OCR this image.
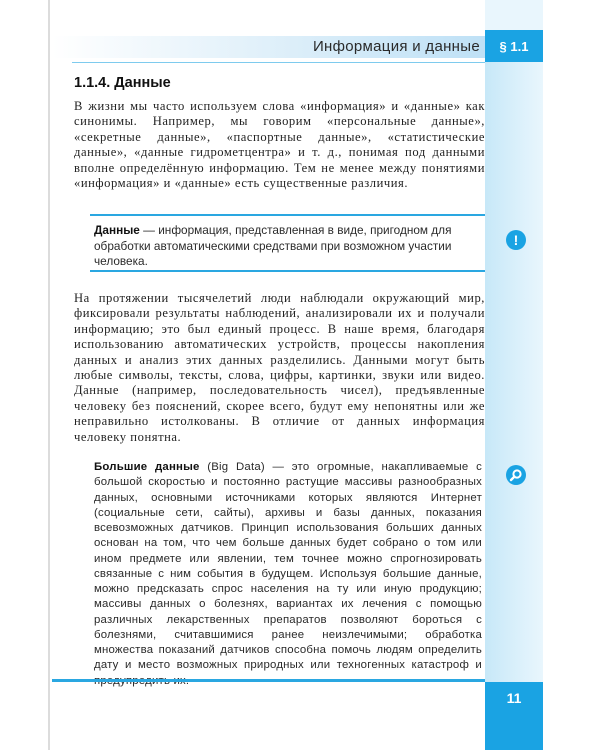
Информация и данные	§ 1.1
1.1.4. Данные
В жизни мы часто используем слова «информация» и «данные» как синонимы. Например, мы говорим «персональные данные», «секретные данные», «паспортные данные», «статистические данные», «данные гидрометцентра» и т. д., понимая под данными вполне определённую информацию. Тем не менее между понятиями «информация» и «данные» есть существенные различия.
Данные — информация, представленная в виде, пригодном для обработки автоматическими средствами при возможном участии человека.
!
На протяжении тысячелетий люди наблюдали окружающий мир, фиксировали результаты наблюдений, анализировали их и получали информацию; это был единый процесс. В наше время, благодаря использованию автоматических устройств, процессы накопления данных и анализ этих данных разделились. Данными могут быть любые символы, тексты, слова, цифры, картинки, звуки или видео. Данные (например, последовательность чисел), предъявленные человеку без пояснений, скорее всего, будут ему непонятны или же неправильно истолкованы. В отличие от данных информация человеку понятна.
Большие данные (Big Data) — это огромные, накапливаемые с большой скоростью и постоянно растущие массивы разнообразных данных, основными источниками которых являются Интернет (социальные сети, сайты), архивы и базы данных, показания всевозможных датчиков. Принцип использования больших данных основан на том, что чем больше данных будет собрано о том или ином предмете или явлении, тем точнее можно спрогнозировать связанные с ним события в будущем. Используя большие данные, можно предсказать спрос населения на ту или иную продукцию; массивы данных о болезнях, вариантах их лечения с помощью различных лекарственных препаратов позволяют бороться с болезнями, считавшимися ранее неизлечимыми; обработка множества показаний датчиков способна помочь людям определить дату и место возможных природных или техногенных катастроф и
11
